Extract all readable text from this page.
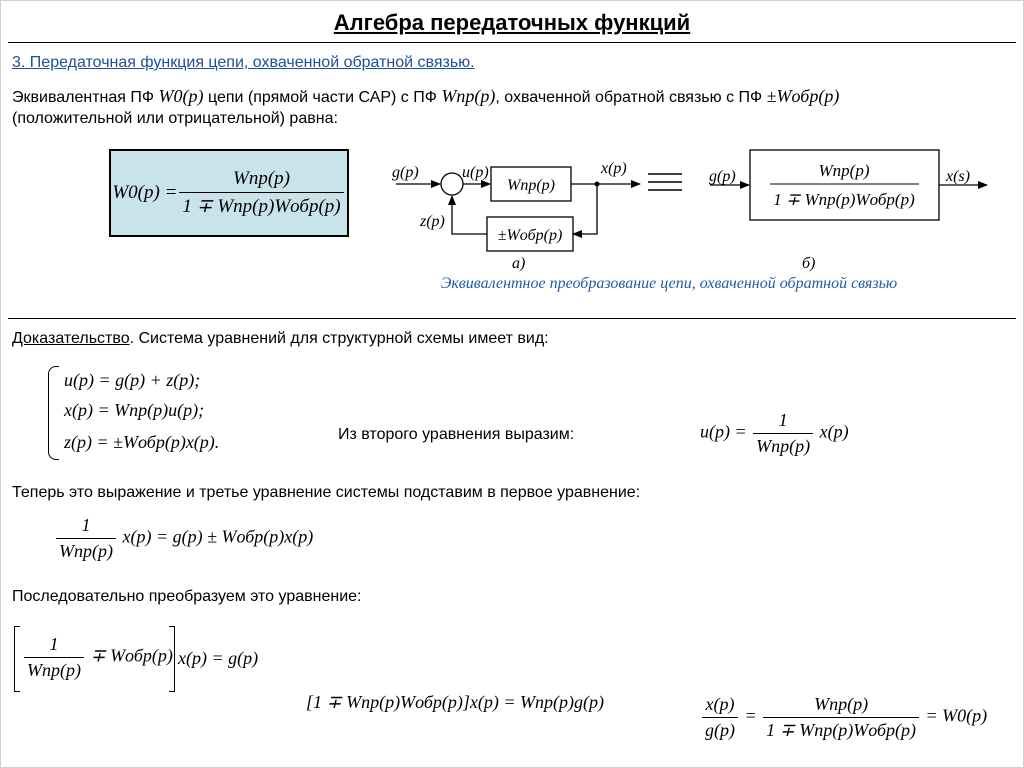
Алгебра передаточных функций
3. Передаточная функция цепи, охваченной обратной связью.
Эквивалентная ПФ W0(p) цепи (прямой части САР) с ПФ Wпр(p), охваченной обратной связью с ПФ ±Wобр(p)
(положительной или отрицательной) равна:
$W0(p) = \frac{\text{Wпр(p)}}{\text{1 ∓ Wпр(p)Wобр(p)}}$	g(p)	u(p)	x(p)
z(p)
Wпр(p)
±Wобр(p)
а)
Wпр(p)
1 ∓ Wпр(p)Wобр(p)
g(p)	x(s)
б)
Эквивалентное преобразование цепи, охваченной обратной связью
Доказательство. Система уравнений для структурной схемы имеет вид:
u(p) = g(p) + z(p);
x(p) = Wпр(p)u(p);
z(p) = ±Wобр(p)x(p).	Из второго уравнения выразим:	$u(p) = \frac{1}{\text{Wпр(p)}} x(p)$
Теперь это выражение и третье уравнение системы подставим в первое уравнение:
$\frac{1}{\text{Wпр(p)}} x(p) = g(p)$ ± Wобр(p)x(p)
Последовательно преобразуем это уравнение:
$\frac{1}{\text{Wпр(p)}}$ ∓ Wобр(p) x(p) = g(p)
[1 ∓ Wпр(p)Wобр(p)]x(p) = Wпр(p)g(p)	$\frac{x(p)}{g(p)} = \frac{\text{Wпр(p)}}{\text{1 ∓ Wпр(p)Wобр(p)}} = W0(p)$
